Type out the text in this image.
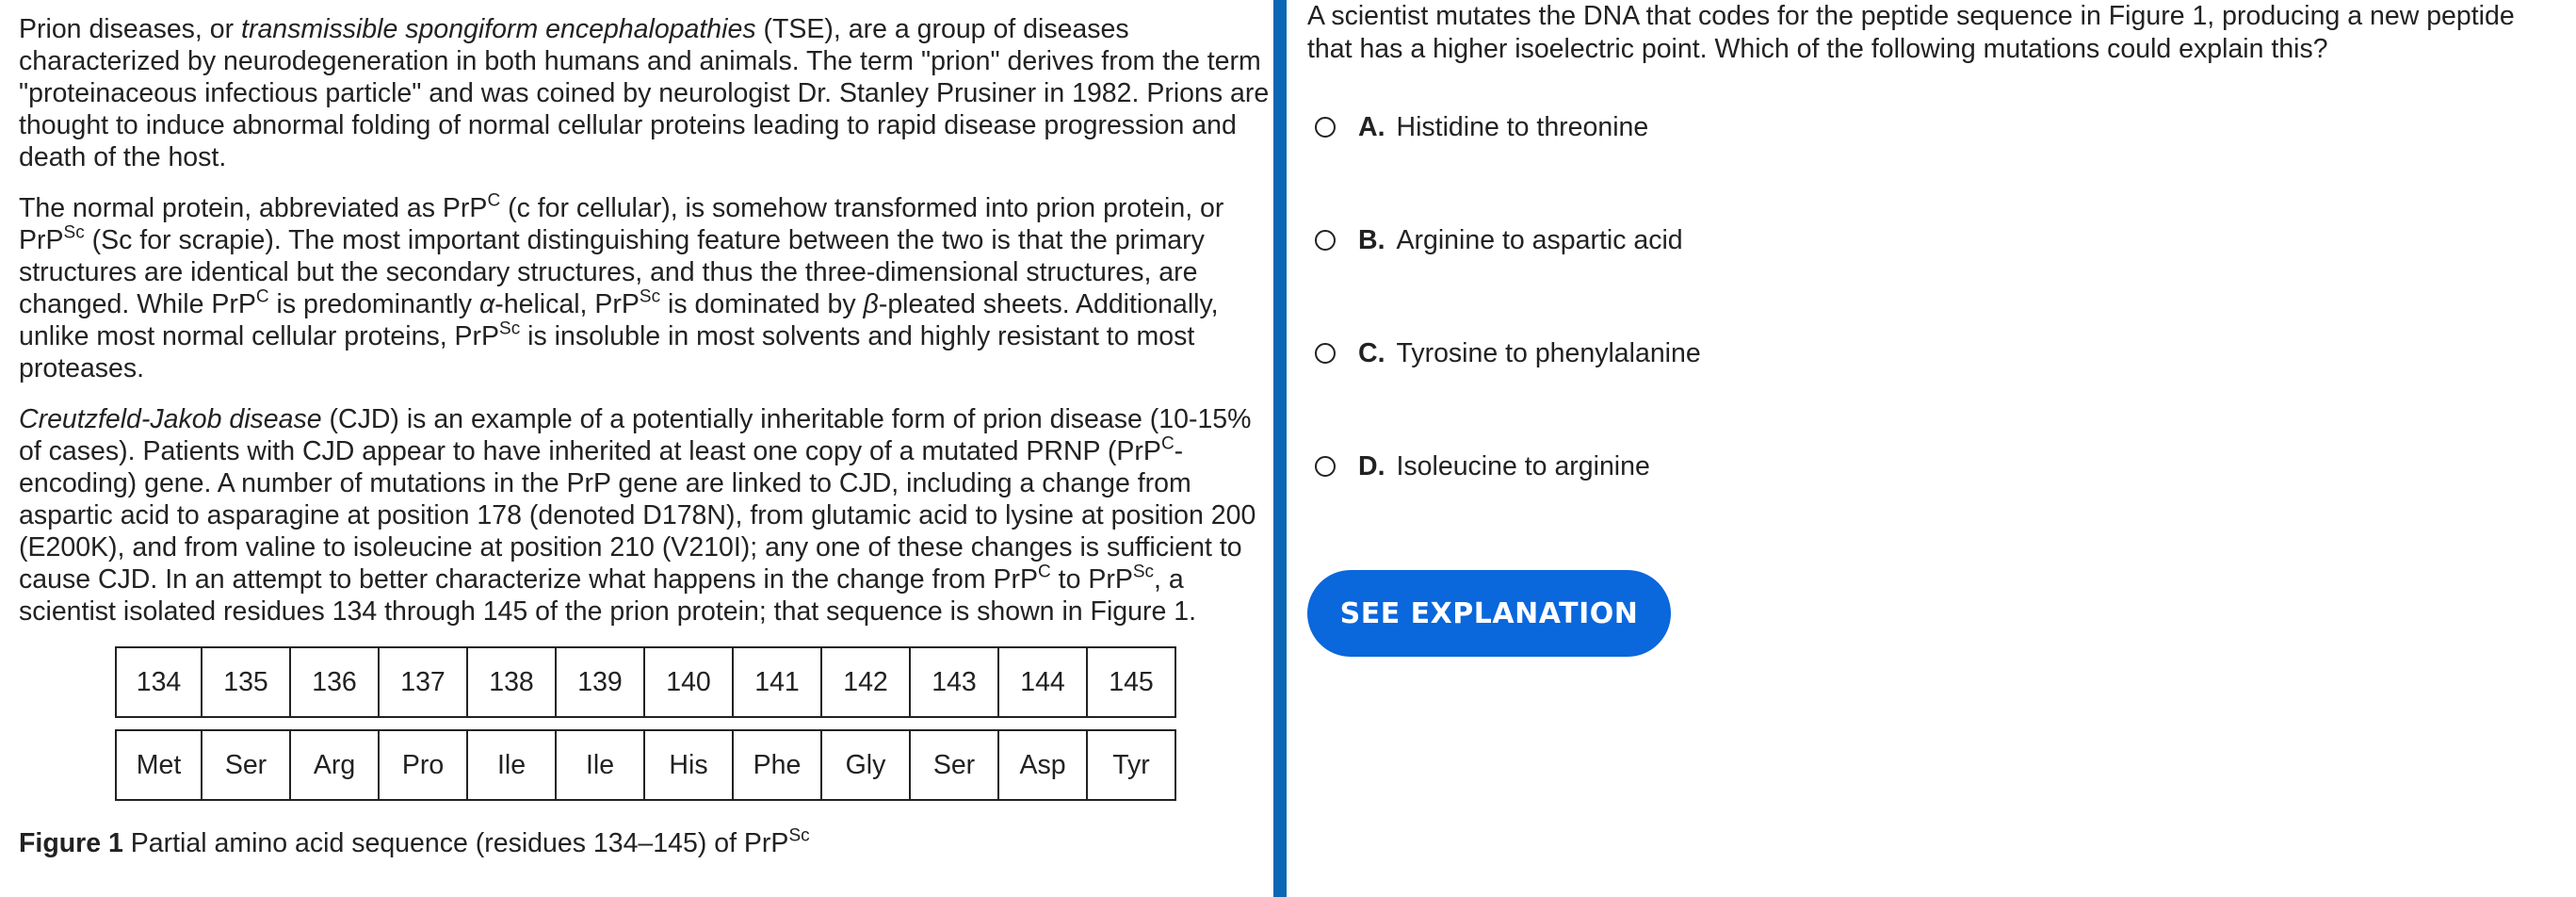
Prion diseases, or transmissible spongiform encephalopathies (TSE), are a group of diseases characterized by neurodegeneration in both humans and animals. The term "prion" derives from the term "proteinaceous infectious particle" and was coined by neurologist Dr. Stanley Prusiner in 1982. Prions are thought to induce abnormal folding of normal cellular proteins leading to rapid disease progression and death of the host.

The normal protein, abbreviated as PrP$^C$ (c for cellular), is somehow transformed into prion protein, or PrP$^{Sc}$ (Sc for scrapie). The most important distinguishing feature between the two is that the primary structures are identical but the secondary structures, and thus the three-dimensional structures, are changed. While PrP$^C$ is predominantly α-helical, PrP$^{Sc}$ is dominated by β-pleated sheets. Additionally, unlike most normal cellular proteins, PrP$^{Sc}$ is insoluble in most solvents and highly resistant to most proteases.

Creutzfeld-Jakob disease (CJD) is an example of a potentially inheritable form of prion disease (10-15% of cases). Patients with CJD appear to have inherited at least one copy of a mutated PRNP (PrP$^C$-encoding) gene. A number of mutations in the PrP gene are linked to CJD, including a change from aspartic acid to asparagine at position 178 (denoted D178N), from glutamic acid to lysine at position 200 (E200K), and from valine to isoleucine at position 210 (V210I); any one of these changes is sufficient to cause CJD. In an attempt to better characterize what happens in the change from PrP$^C$ to PrP$^{Sc}$, a scientist isolated residues 134 through 145 of the prion protein; that sequence is shown in Figure 1.

134	135	136	137	138	139	140	141	142	143	144	145
Met	Ser	Arg	Pro	Ile	Ile	His	Phe	Gly	Ser	Asp	Tyr
Figure 1 Partial amino acid sequence (residues 134–145) of PrP$^{Sc}$

A scientist mutates the DNA that codes for the peptide sequence in Figure 1, producing a new peptide that has a higher isoelectric point. Which of the following mutations could explain this?

A. Histidine to threonine
B. Arginine to aspartic acid
C. Tyrosine to phenylalanine
D. Isoleucine to arginine
SEE EXPLANATION
